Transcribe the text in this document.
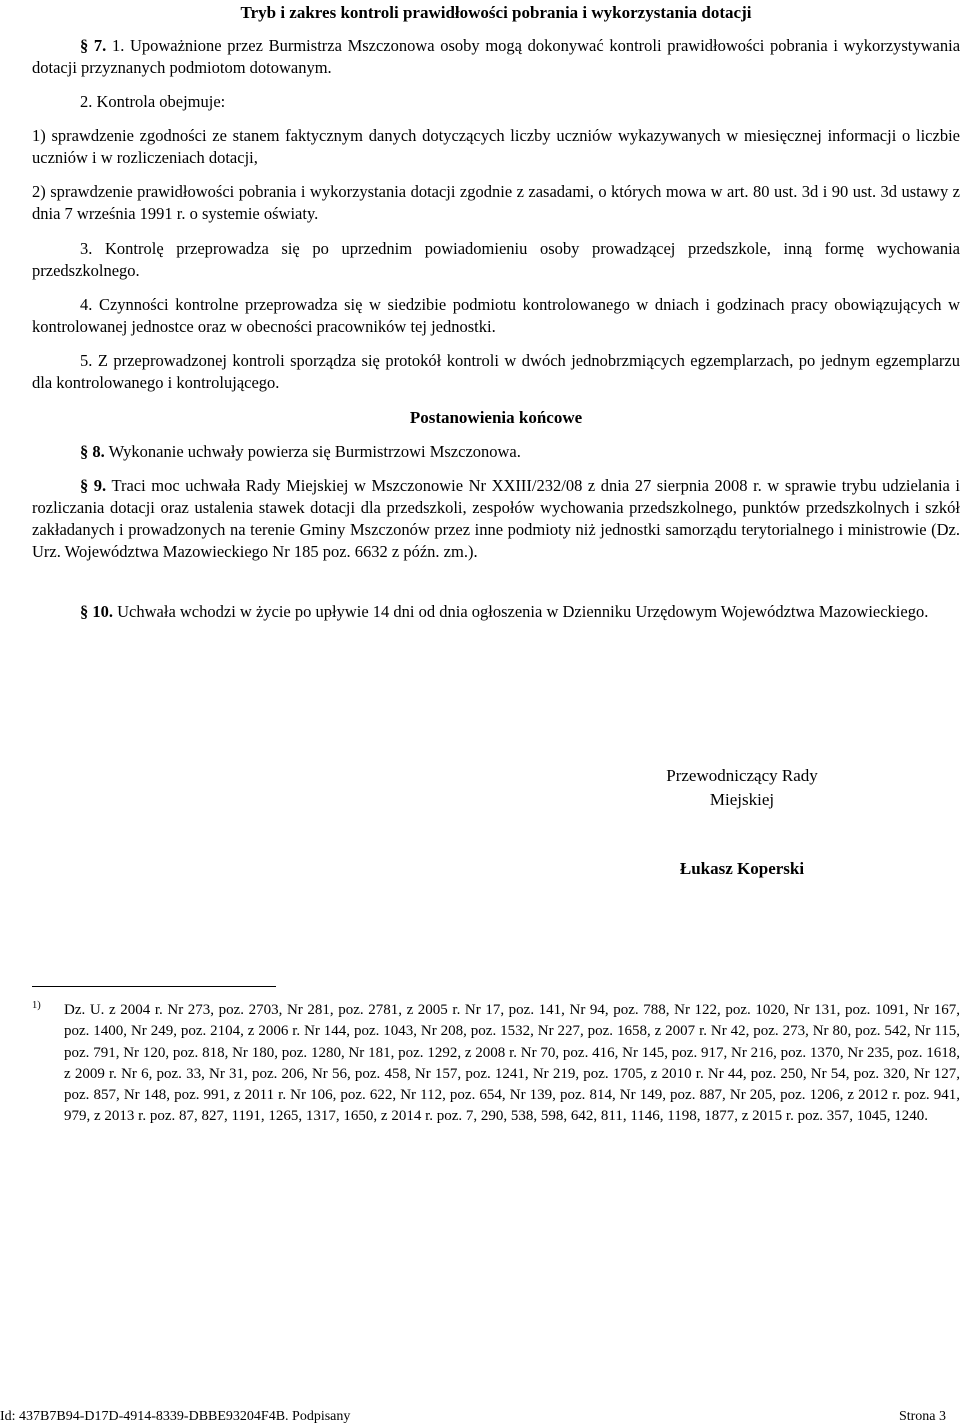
Tryb i zakres kontroli prawidłowości pobrania i wykorzystania dotacji
§ 7. 1. Upoważnione przez Burmistrza Mszczonowa osoby mogą dokonywać kontroli prawidłowości pobrania i wykorzystywania dotacji przyznanych podmiotom dotowanym.
2. Kontrola obejmuje:
1) sprawdzenie zgodności ze stanem faktycznym danych dotyczących liczby uczniów wykazywanych w miesięcznej informacji o liczbie uczniów i w rozliczeniach dotacji,
2) sprawdzenie prawidłowości pobrania i wykorzystania dotacji zgodnie z zasadami, o których mowa w art. 80 ust. 3d i 90 ust. 3d ustawy z dnia 7 września 1991 r. o systemie oświaty.
3. Kontrolę przeprowadza się po uprzednim powiadomieniu osoby prowadzącej przedszkole, inną formę wychowania przedszkolnego.
4. Czynności kontrolne przeprowadza się w siedzibie podmiotu kontrolowanego w dniach i godzinach pracy obowiązujących w kontrolowanej jednostce oraz w obecności pracowników tej jednostki.
5. Z przeprowadzonej kontroli sporządza się protokół kontroli w dwóch jednobrzmiących egzemplarzach, po jednym egzemplarzu dla kontrolowanego i kontrolującego.
Postanowienia końcowe
§ 8. Wykonanie uchwały powierza się Burmistrzowi Mszczonowa.
§ 9. Traci moc uchwała Rady Miejskiej w Mszczonowie Nr XXIII/232/08 z dnia 27 sierpnia 2008 r. w sprawie trybu udzielania i rozliczania dotacji oraz ustalenia stawek dotacji dla przedszkoli, zespołów wychowania przedszkolnego, punktów przedszkolnych i szkół zakładanych i prowadzonych na terenie Gminy Mszczonów przez inne podmioty niż jednostki samorządu terytorialnego i ministrowie (Dz. Urz. Województwa Mazowieckiego Nr 185 poz. 6632 z późn. zm.).
§ 10. Uchwała wchodzi w życie po upływie 14 dni od dnia ogłoszenia w Dzienniku Urzędowym Województwa Mazowieckiego.
Przewodniczący Rady
Miejskiej
Łukasz Koperski
1) Dz. U. z 2004 r. Nr 273, poz. 2703, Nr 281, poz. 2781, z 2005 r. Nr 17, poz. 141, Nr 94, poz. 788, Nr 122, poz. 1020, Nr 131, poz. 1091, Nr 167, poz. 1400, Nr 249, poz. 2104, z 2006 r. Nr 144, poz. 1043, Nr 208, poz. 1532, Nr 227, poz. 1658, z 2007 r. Nr 42, poz. 273, Nr 80, poz. 542, Nr 115, poz. 791, Nr 120, poz. 818, Nr 180, poz. 1280, Nr 181, poz. 1292, z 2008 r. Nr 70, poz. 416, Nr 145, poz. 917, Nr 216, poz. 1370, Nr 235, poz. 1618, z 2009 r. Nr 6, poz. 33, Nr 31, poz. 206, Nr 56, poz. 458, Nr 157, poz. 1241, Nr 219, poz. 1705, z 2010 r. Nr 44, poz. 250, Nr 54, poz. 320, Nr 127, poz. 857, Nr 148, poz. 991, z 2011 r. Nr 106, poz. 622, Nr 112, poz. 654, Nr 139, poz. 814, Nr 149, poz. 887, Nr 205, poz. 1206, z 2012 r. poz. 941, 979, z 2013 r. poz. 87, 827, 1191, 1265, 1317, 1650, z 2014 r. poz. 7, 290, 538, 598, 642, 811, 1146, 1198, 1877, z 2015 r. poz. 357, 1045, 1240.
Id: 437B7B94-D17D-4914-8339-DBBE93204F4B. Podpisany	Strona 3
